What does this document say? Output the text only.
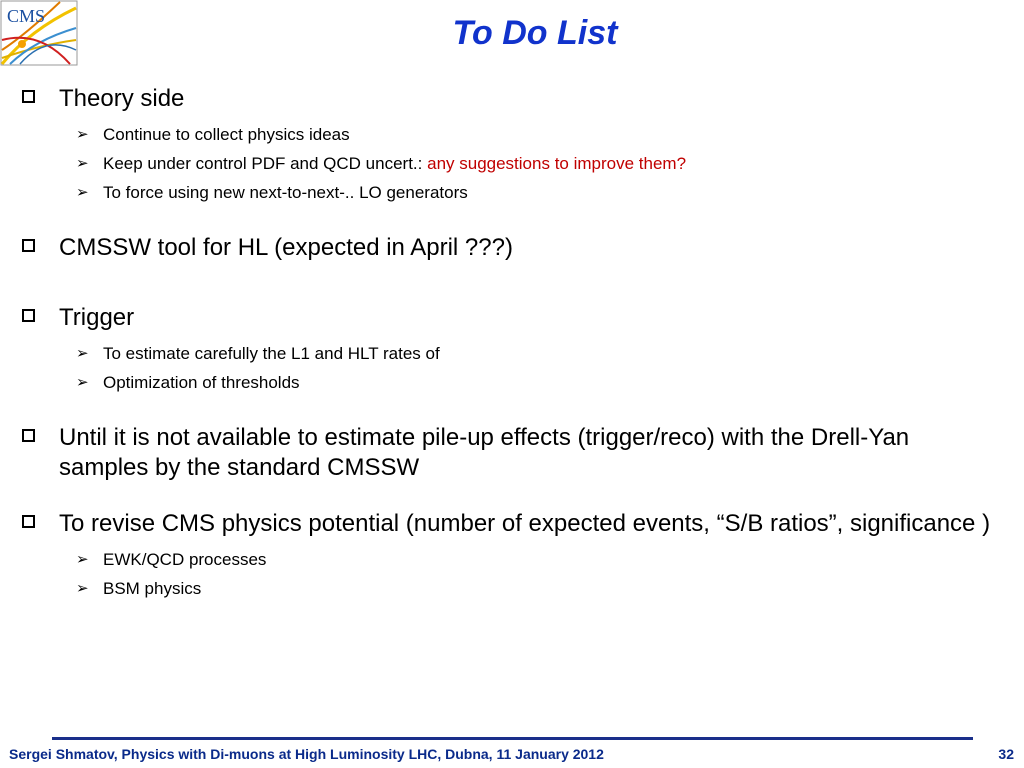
CMS	To Do List
Theory side
➢ Continue to collect physics ideas
➢ Keep under control PDF and QCD uncert.: any suggestions to improve them?
➢ To force using new next-to-next-.. LO generators
CMSSW tool for HL (expected in April ???)
Trigger
➢ To estimate carefully the L1 and HLT rates of
➢ Optimization of thresholds
Until it is not available to estimate pile-up effects (trigger/reco) with the Drell-Yan samples by the standard CMSSW
To revise CMS physics potential (number of expected events, “S/B ratios”, significance )
➢ EWK/QCD processes
➢ BSM physics
Sergei Shmatov, Physics with Di-muons at High Luminosity LHC, Dubna, 11 January 2012	32
